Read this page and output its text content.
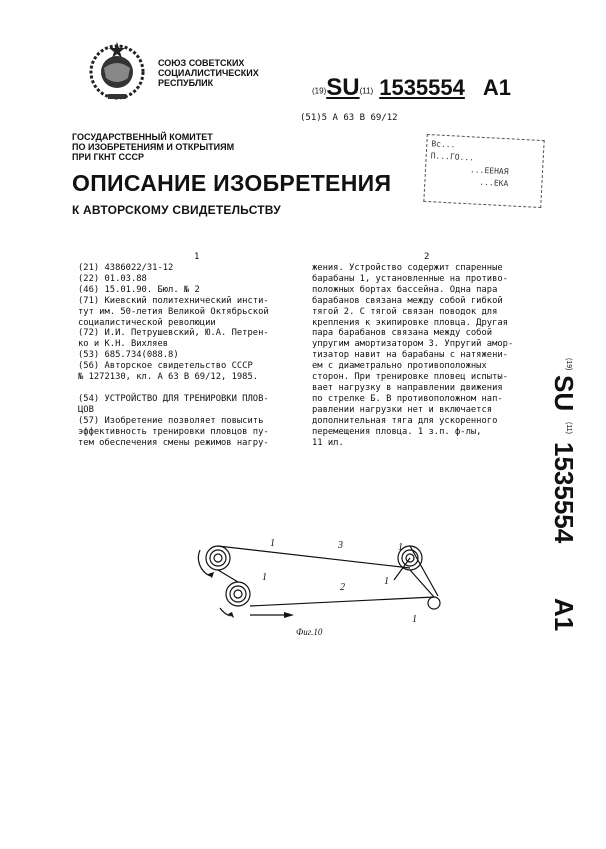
СОЮЗ СОВЕТСКИХ
СОЦИАЛИСТИЧЕСКИХ
РЕСПУБЛИК
(19)SU(11) 1535554 A1
(51)5 А 63 В 69/12
Вс...
П...ГО...
...ЕЕНАЯ
...ЕКА
ГОСУДАРСТВЕННЫЙ КОМИТЕТ
ПО ИЗОБРЕТЕНИЯМ И ОТКРЫТИЯМ
ПРИ ГКНТ СССР
ОПИСАНИЕ ИЗОБРЕТЕНИЯ
К АВТОРСКОМУ СВИДЕТЕЛЬСТВУ
1	2
(21) 4386022/31-12
(22) 01.03.88
(46) 15.01.90. Бюл. № 2
(71) Киевский политехнический инсти-
тут им. 50-летия Великой Октябрьской
социалистической революции
(72) И.И. Петрушевский, Ю.А. Петрен-
ко и К.Н. Вихляев
(53) 685.734(088.8)
(56) Авторское свидетельство СССР
№ 1272130, кл. А 63 В 69/12, 1985.

(54) УСТРОЙСТВО ДЛЯ ТРЕНИРОВКИ ПЛОВ-
ЦОВ
(57) Изобретение позволяет повысить
эффективность тренировки пловцов пу-
тем обеспечения смены режимов нагру-
жения. Устройство содержит спаренные
барабаны 1, установленные на противо-
положных бортах бассейна. Одна пара
барабанов связана между собой гибкой
тягой 2. С тягой связан поводок для
крепления к экипировке пловца. Другая
пара барабанов связана между собой
упругим амортизатором 3. Упругий амор-
тизатор навит на барабаны с натяжени-
ем с диаметрально противоположных
сторон. При тренировке пловец испыты-
вает нагрузку в направлении движения
по стрелке Б. В противоположном нап-
равлении нагрузки нет и включается
дополнительная тяга для ускоренного
перемещения пловца. 1 з.п. ф-лы,
11 ил.
(19)
SU
(11)
1535554
A1
1	3
1	1
2
1
1
Фиг.10
